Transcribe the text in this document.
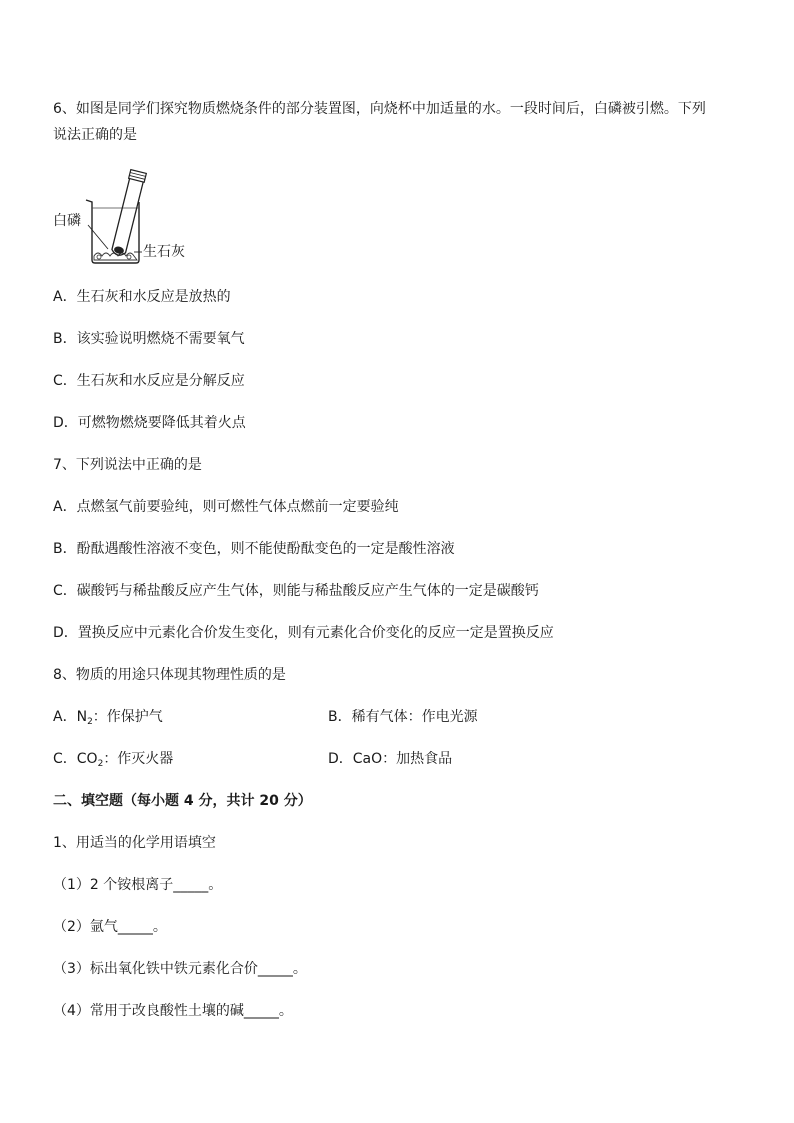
6、如图是同学们探究物质燃烧条件的部分装置图，向烧杯中加适量的水。一段时间后，白磷被引燃。下列
说法正确的是
白磷
生石灰
A．生石灰和水反应是放热的
B．该实验说明燃烧不需要氧气
C．生石灰和水反应是分解反应
D．可燃物燃烧要降低其着火点
7、下列说法中正确的是
A．点燃氢气前要验纯，则可燃性气体点燃前一定要验纯
B．酚酞遇酸性溶液不变色，则不能使酚酞变色的一定是酸性溶液
C．碳酸钙与稀盐酸反应产生气体，则能与稀盐酸反应产生气体的一定是碳酸钙
D．置换反应中元素化合价发生变化，则有元素化合价变化的反应一定是置换反应
8、物质的用途只体现其物理性质的是
A．$N_2$：作保护气	B．稀有气体：作电光源
C．$CO_2$：作灭火器	D．CaO：加热食品
二、填空题（每小题 4 分，共计 20 分）
1、用适当的化学用语填空
（1）2 个铵根离子_____。
（2）氩气_____。
（3）标出氧化铁中铁元素化合价_____。
（4）常用于改良酸性土壤的碱_____。
